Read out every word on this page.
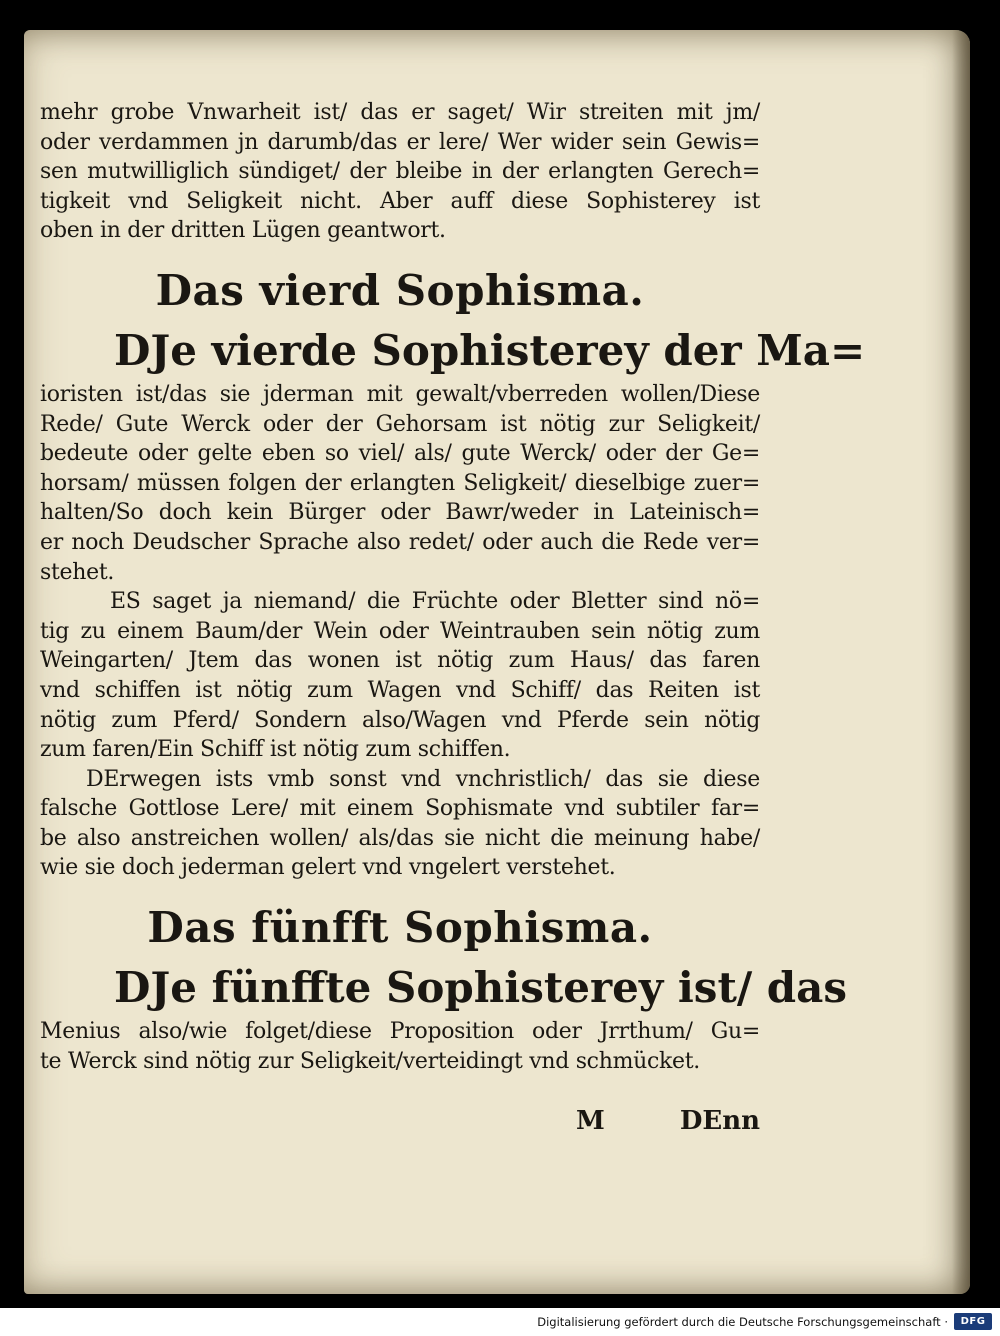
mehr grobe Vnwarheit ist/ das er saget/ Wir streiten mit jm/
oder verdammen jn darumb/das er lere/ Wer wider sein Gewis=
sen mutwilliglich sündiget/ der bleibe in der erlangten Gerech=
tigkeit vnd Seligkeit nicht. Aber auff diese Sophisterey ist
oben in der dritten Lügen geantwort.
Das vierd Sophisma.
DJe vierde Sophisterey der Ma=
ioristen ist/das sie jderman mit gewalt/vberreden wollen/Diese
Rede/ Gute Werck oder der Gehorsam ist nötig zur Seligkeit/
bedeute oder gelte eben so viel/ als/ gute Werck/ oder der Ge=
horsam/ müssen folgen der erlangten Seligkeit/ dieselbige zuer=
halten/So doch kein Bürger oder Bawr/weder in Lateinisch=
er noch Deudscher Sprache also redet/ oder auch die Rede ver=
stehet.
ES saget ja niemand/ die Früchte oder Bletter sind nö=
tig zu einem Baum/der Wein oder Weintrauben sein nötig zum
Weingarten/ Jtem das wonen ist nötig zum Haus/ das faren
vnd schiffen ist nötig zum Wagen vnd Schiff/ das Reiten ist
nötig zum Pferd/ Sondern also/Wagen vnd Pferde sein nötig
zum faren/Ein Schiff ist nötig zum schiffen.
DErwegen ists vmb sonst vnd vnchristlich/ das sie diese
falsche Gottlose Lere/ mit einem Sophismate vnd subtiler far=
be also anstreichen wollen/ als/das sie nicht die meinung habe/
wie sie doch jederman gelert vnd vngelert verstehet.
Das fünfft Sophisma.
DJe fünffte Sophisterey ist/ das
Menius also/wie folget/diese Proposition oder Jrrthum/ Gu=
te Werck sind nötig zur Seligkeit/verteidingt vnd schmücket.
M	DEnn
Digitalisierung gefördert durch die Deutsche Forschungsgemeinschaft ·	DFG
